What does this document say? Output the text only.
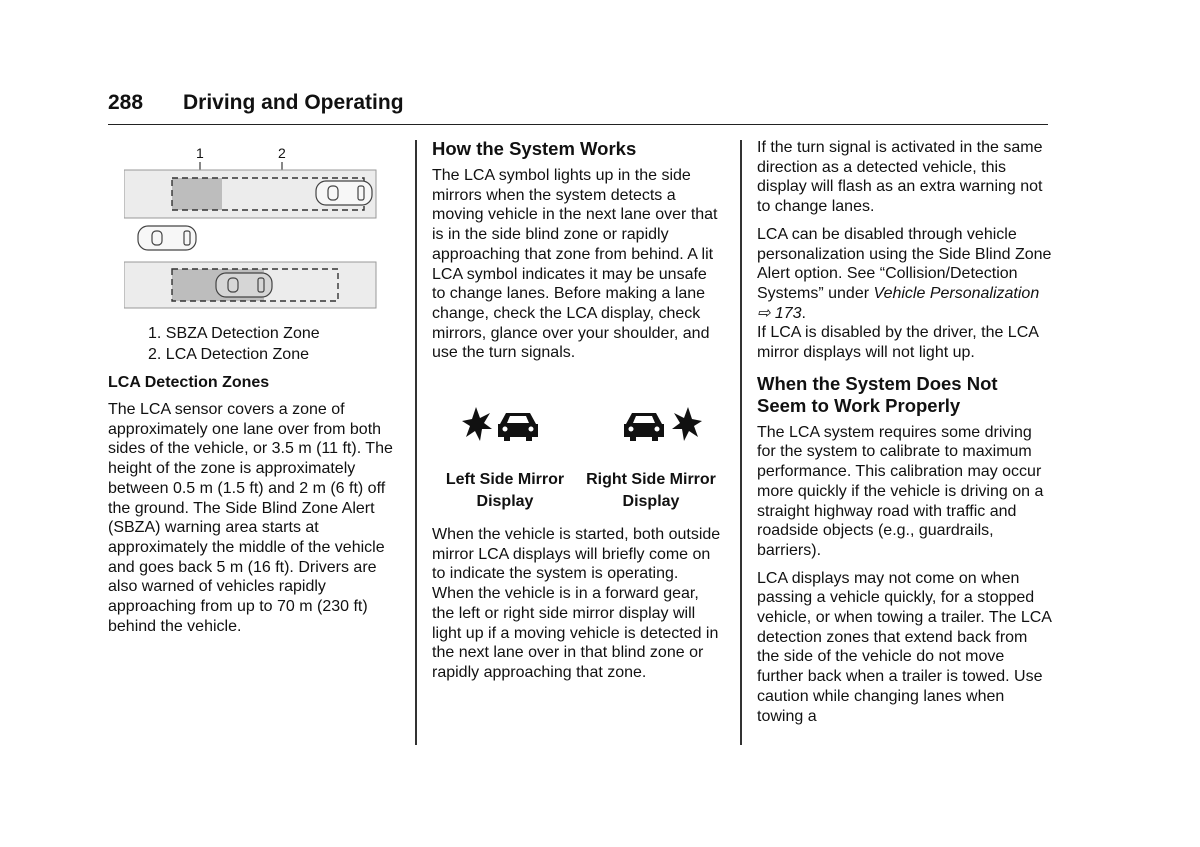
288 Driving and Operating
1	2
1. SBZA Detection Zone
2. LCA Detection Zone
LCA Detection Zones

The LCA sensor covers a zone of approximately one lane over from both sides of the vehicle, or 3.5 m (11 ft). The height of the zone is approximately between 0.5 m (1.5 ft) and 2 m (6 ft) off the ground. The Side Blind Zone Alert (SBZA) warning area starts at approximately the middle of the vehicle and goes back 5 m (16 ft). Drivers are also warned of vehicles rapidly approaching from up to 70 m (230 ft) behind the vehicle.

How the System Works

The LCA symbol lights up in the side mirrors when the system detects a moving vehicle in the next lane over that is in the side blind zone or rapidly approaching that zone from behind. A lit LCA symbol indicates it may be unsafe to change lanes. Before making a lane change, check the LCA display, check mirrors, glance over your shoulder, and use the turn signals.

Left Side Mirror Display
Right Side Mirror Display

When the vehicle is started, both outside mirror LCA displays will briefly come on to indicate the system is operating. When the vehicle is in a forward gear, the left or right side mirror display will light up if a moving vehicle is detected in the next lane over in that blind zone or rapidly approaching that zone.

If the turn signal is activated in the same direction as a detected vehicle, this display will flash as an extra warning not to change lanes.

LCA can be disabled through vehicle personalization using the Side Blind Zone Alert option. See “Collision/Detection Systems” under Vehicle Personalization ⇨ 173.
If LCA is disabled by the driver, the LCA mirror displays will not light up.

When the System Does Not Seem to Work Properly

The LCA system requires some driving for the system to calibrate to maximum performance. This calibration may occur more quickly if the vehicle is driving on a straight highway road with traffic and roadside objects (e.g., guardrails, barriers).

LCA displays may not come on when passing a vehicle quickly, for a stopped vehicle, or when towing a trailer. The LCA detection zones that extend back from the side of the vehicle do not move further back when a trailer is towed. Use caution while changing lanes when towing a
